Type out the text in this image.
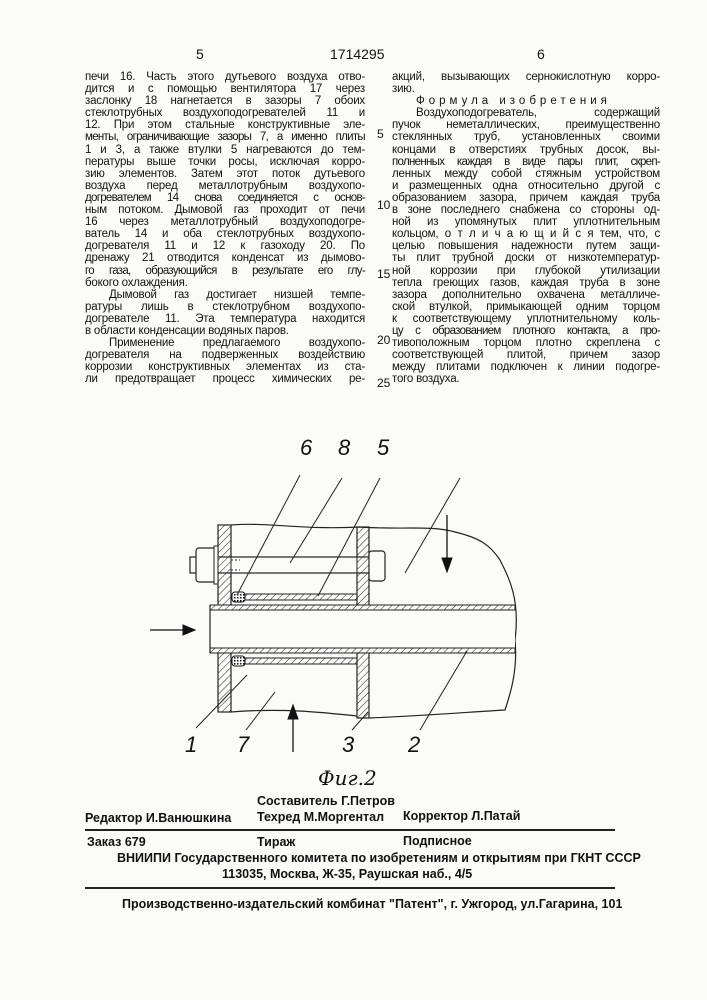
5	1714295	6
печи 16. Часть этого дутьевого воздуха отво-
дится и с помощью вентилятора 17 через
заслонку 18 нагнетается в зазоры 7 обоих
стеклотрубных воздухоподогревателей 11 и
12. При этом стальные конструктивные эле-
менты, ограничивающие зазоры 7, а именно плиты
1 и 3, а также втулки 5 нагреваются до тем-
пературы выше точки росы, исключая корро-
зию элементов. Затем этот поток дутьевого
воздуха перед металлотрубным воздухопо-
догревателем 14 снова соединяется с основ-
ным потоком. Дымовой газ проходит от печи
16 через металлотрубный воздухоподогре-
ватель 14 и оба стеклотрубных воздухопо-
догревателя 11 и 12 к газоходу 20. По
дренажу 21 отводится конденсат из дымово-
го газа, образующийся в результате его глу-
бокого охлаждения.
Дымовой газ достигает низшей темпе-
ратуры лишь в стеклотрубном воздухопо-
догревателе 11. Эта температура находится
в области конденсации водяных паров.
Применение предлагаемого воздухопо-
догревателя на подверженных воздействию
коррозии конструктивных элементах из ста-
ли предотвращает процесс химических ре-
акций, вызывающих сернокислотную корро-
зию.
Формула изобретения
Воздухоподогреватель, содержащий
пучок неметаллических, преимущественно
стеклянных труб, установленных своими
концами в отверстиях трубных досок, вы-
полненных каждая в виде пары плит, скреп-
ленных между собой стяжным устройством
и размещенных одна относительно другой с
образованием зазора, причем каждая труба
в зоне последнего снабжена со стороны од-
ной из упомянутых плит уплотнительным
кольцом, о т л и ч а ю щ и й с я тем, что, с
целью повышения надежности путем защи-
ты плит трубной доски от низкотемператур-
ной коррозии при глубокой утилизации
тепла греющих газов, каждая труба в зоне
зазора дополнительно охвачена металличе-
ской втулкой, примыкающей одним торцом
к соответствующему уплотнительному коль-
цу с образованием плотного контакта, а про-
тивоположным торцом плотно скреплена с
соответствующей плитой, причем зазор
между плитами подключен к линии подогре-
того воздуха.
5
10
15
20
25
6 8 5
1 7	3 2
Фиг.2
Составитель Г.Петров
Редактор И.Ванюшкина Техред М.Моргентал Корректор Л.Патай
Заказ 679	Тираж	Подписное
ВНИИПИ Государственного комитета по изобретениям и открытиям при ГКНТ СССР
113035, Москва, Ж-35, Раушская наб., 4/5
Производственно-издательский комбинат "Патент", г. Ужгород, ул.Гагарина, 101
